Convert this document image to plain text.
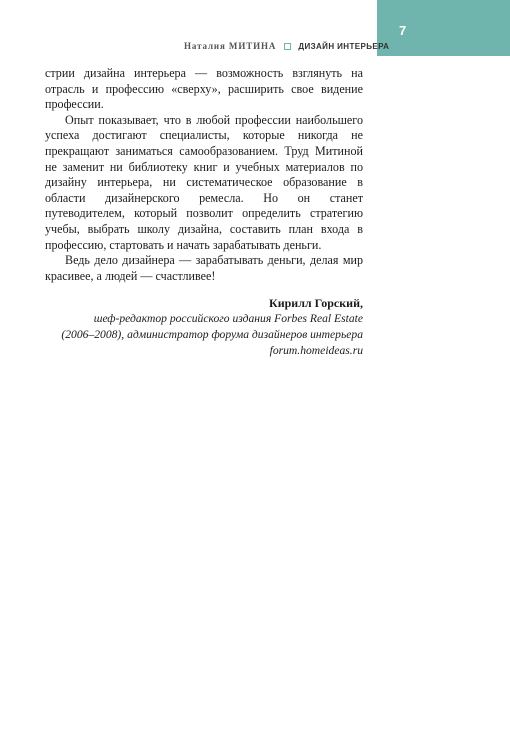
7
Наталия МИТИНА	ДИЗАЙН ИНТЕРЬЕРА

стрии дизайна интерьера — возможность взглянуть на отрасль и профессию «сверху», расширить свое видение профессии.

Опыт показывает, что в любой профессии наибольшего успеха достигают специалисты, которые никогда не прекращают заниматься самообразованием. Труд Митиной не заменит ни библиотеку книг и учебных материалов по дизайну интерьера, ни систематическое образование в области дизайнерского ремесла. Но он станет путеводителем, который позволит определить стратегию учебы, выбрать школу дизайна, составить план входа в профессию, стартовать и начать зарабатывать деньги.

Ведь дело дизайнера — зарабатывать деньги, делая мир красивее, а людей — счастливее!

Кирилл Горский,
шеф-редактор российского издания Forbes Real Estate
(2006–2008), администратор форума дизайнеров интерьера
forum.homeideas.ru
